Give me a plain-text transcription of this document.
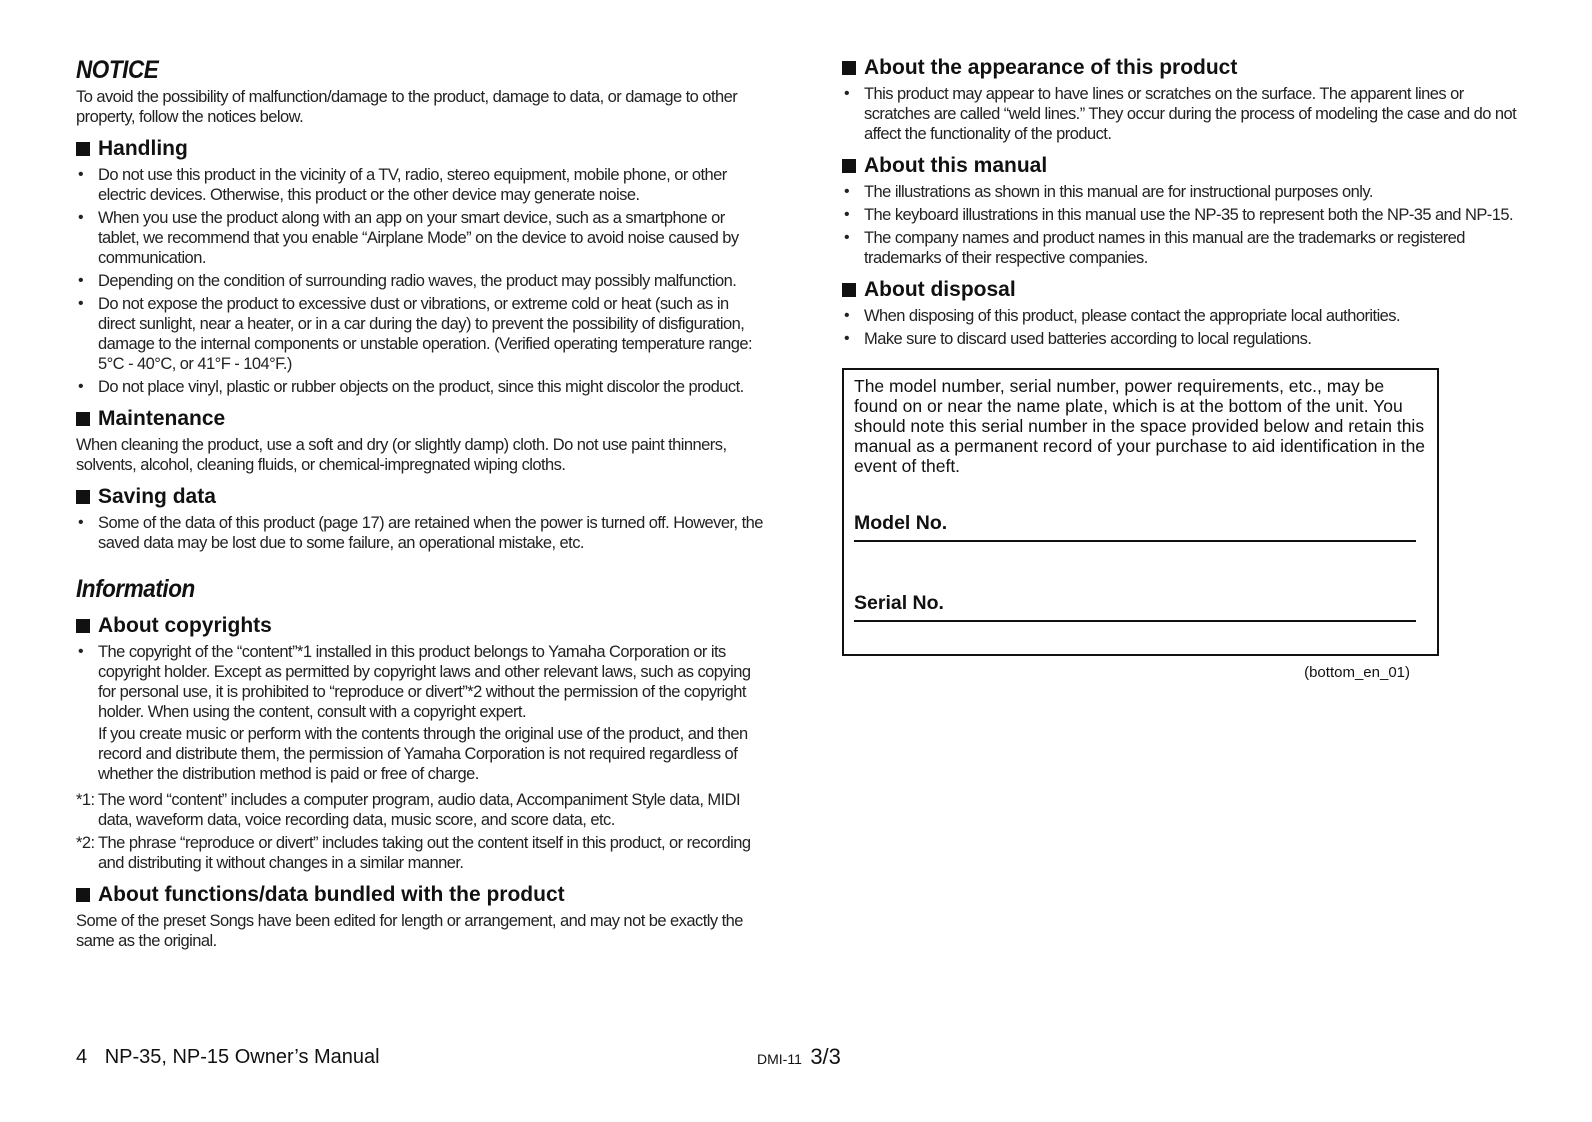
NOTICE

To avoid the possibility of malfunction/damage to the product, damage to data, or damage to other property, follow the notices below.

Handling
• Do not use this product in the vicinity of a TV, radio, stereo equipment, mobile phone, or other electric devices. Otherwise, this product or the other device may generate noise.
• When you use the product along with an app on your smart device, such as a smartphone or tablet, we recommend that you enable “Airplane Mode” on the device to avoid noise caused by communication.
• Depending on the condition of surrounding radio waves, the product may possibly malfunction.
• Do not expose the product to excessive dust or vibrations, or extreme cold or heat (such as in direct sunlight, near a heater, or in a car during the day) to prevent the possibility of disfiguration, damage to the internal components or unstable operation. (Verified operating temperature range: 5°C - 40°C, or 41°F - 104°F.)
• Do not place vinyl, plastic or rubber objects on the product, since this might discolor the product.
Maintenance

When cleaning the product, use a soft and dry (or slightly damp) cloth. Do not use paint thinners, solvents, alcohol, cleaning fluids, or chemical-impregnated wiping cloths.

Saving data
• Some of the data of this product (page 17) are retained when the power is turned off. However, the saved data may be lost due to some failure, an operational mistake, etc.
Information
About copyrights
• The copyright of the “content”*1 installed in this product belongs to Yamaha Corporation or its copyright holder. Except as permitted by copyright laws and other relevant laws, such as copying for personal use, it is prohibited to “reproduce or divert”*2 without the permission of the copyright holder. When using the content, consult with a copyright expert.
If you create music or perform with the contents through the original use of the product, and then record and distribute them, the permission of Yamaha Corporation is not required regardless of whether the distribution method is paid or free of charge.
*1: The word “content” includes a computer program, audio data, Accompaniment Style data, MIDI data, waveform data, voice recording data, music score, and score data, etc.
*2: The phrase “reproduce or divert” includes taking out the content itself in this product, or recording and distributing it without changes in a similar manner.
About functions/data bundled with the product

Some of the preset Songs have been edited for length or arrangement, and may not be exactly the same as the original.

About the appearance of this product
• This product may appear to have lines or scratches on the surface. The apparent lines or scratches are called “weld lines.” They occur during the process of modeling the case and do not affect the functionality of the product.
About this manual
• The illustrations as shown in this manual are for instructional purposes only.
• The keyboard illustrations in this manual use the NP-35 to represent both the NP-35 and NP-15.
• The company names and product names in this manual are the trademarks or registered trademarks of their respective companies.
About disposal
• When disposing of this product, please contact the appropriate local authorities.
• Make sure to discard used batteries according to local regulations.

The model number, serial number, power requirements, etc., may be found on or near the name plate, which is at the bottom of the unit. You should note this serial number in the space provided below and retain this manual as a permanent record of your purchase to aid identification in the event of theft.

Model No.
Serial No.
(bottom_en_01)
4 NP-35, NP-15 Owner’s Manual	DMI-11 3/3
